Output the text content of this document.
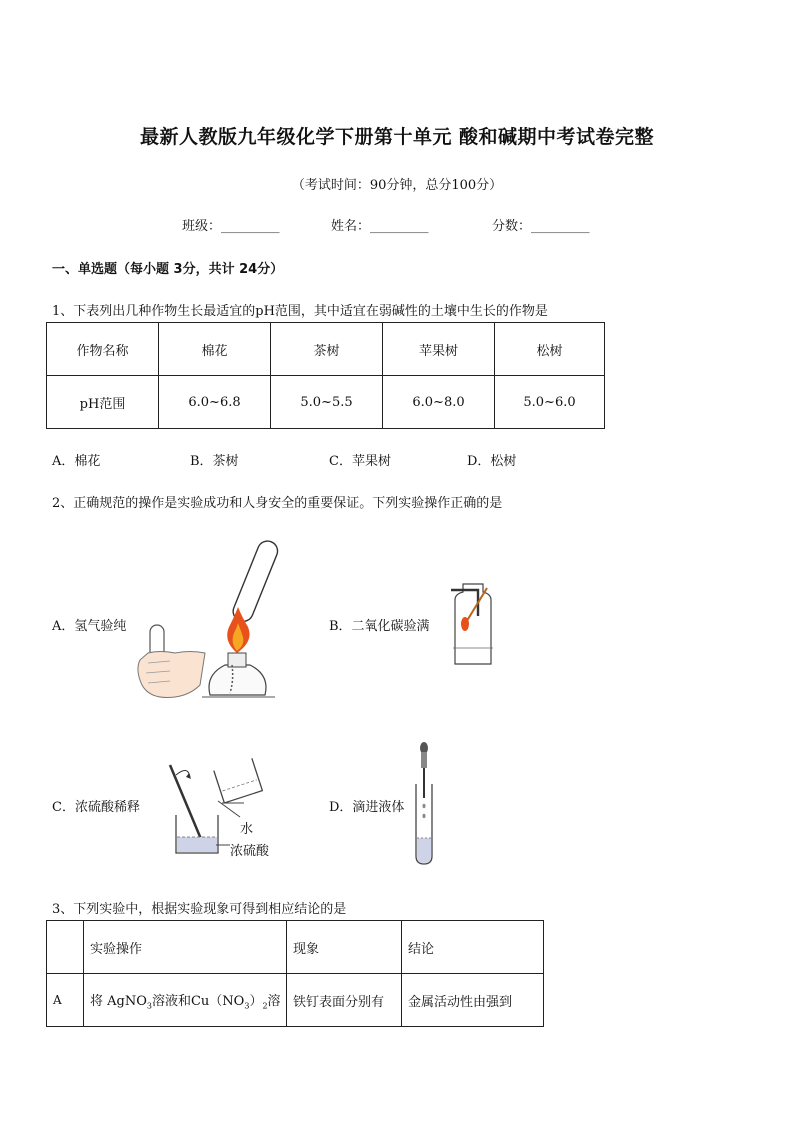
最新人教版九年级化学下册第十单元 酸和碱期中考试卷完整
（考试时间：90分钟，总分100分）
班级：_________	姓名：_________	分数：_________
一、单选题（每小题 3分，共计 24分）
1、下表列出几种作物生长最适宜的pH范围，其中适宜在弱碱性的土壤中生长的作物是
作物名称	棉花	茶树	苹果树	松树
pH范围	6.0~6.8	5.0~5.5	6.0~8.0	5.0~6.0
A．棉花	B．茶树	C．苹果树	D．松树
2、正确规范的操作是实验成功和人身安全的重要保证。下列实验操作正确的是
A．氢气验纯	B．二氧化碳验满
C．浓硫酸稀释	D．滴进液体
水
浓硫酸
3、下列实验中，根据实验现象可得到相应结论的是
	实验操作	现象	结论
A	将 AgNO$_3$溶液和$Cu(NO_3)_2$溶	铁钉表面分别有	金属活动性由强到
